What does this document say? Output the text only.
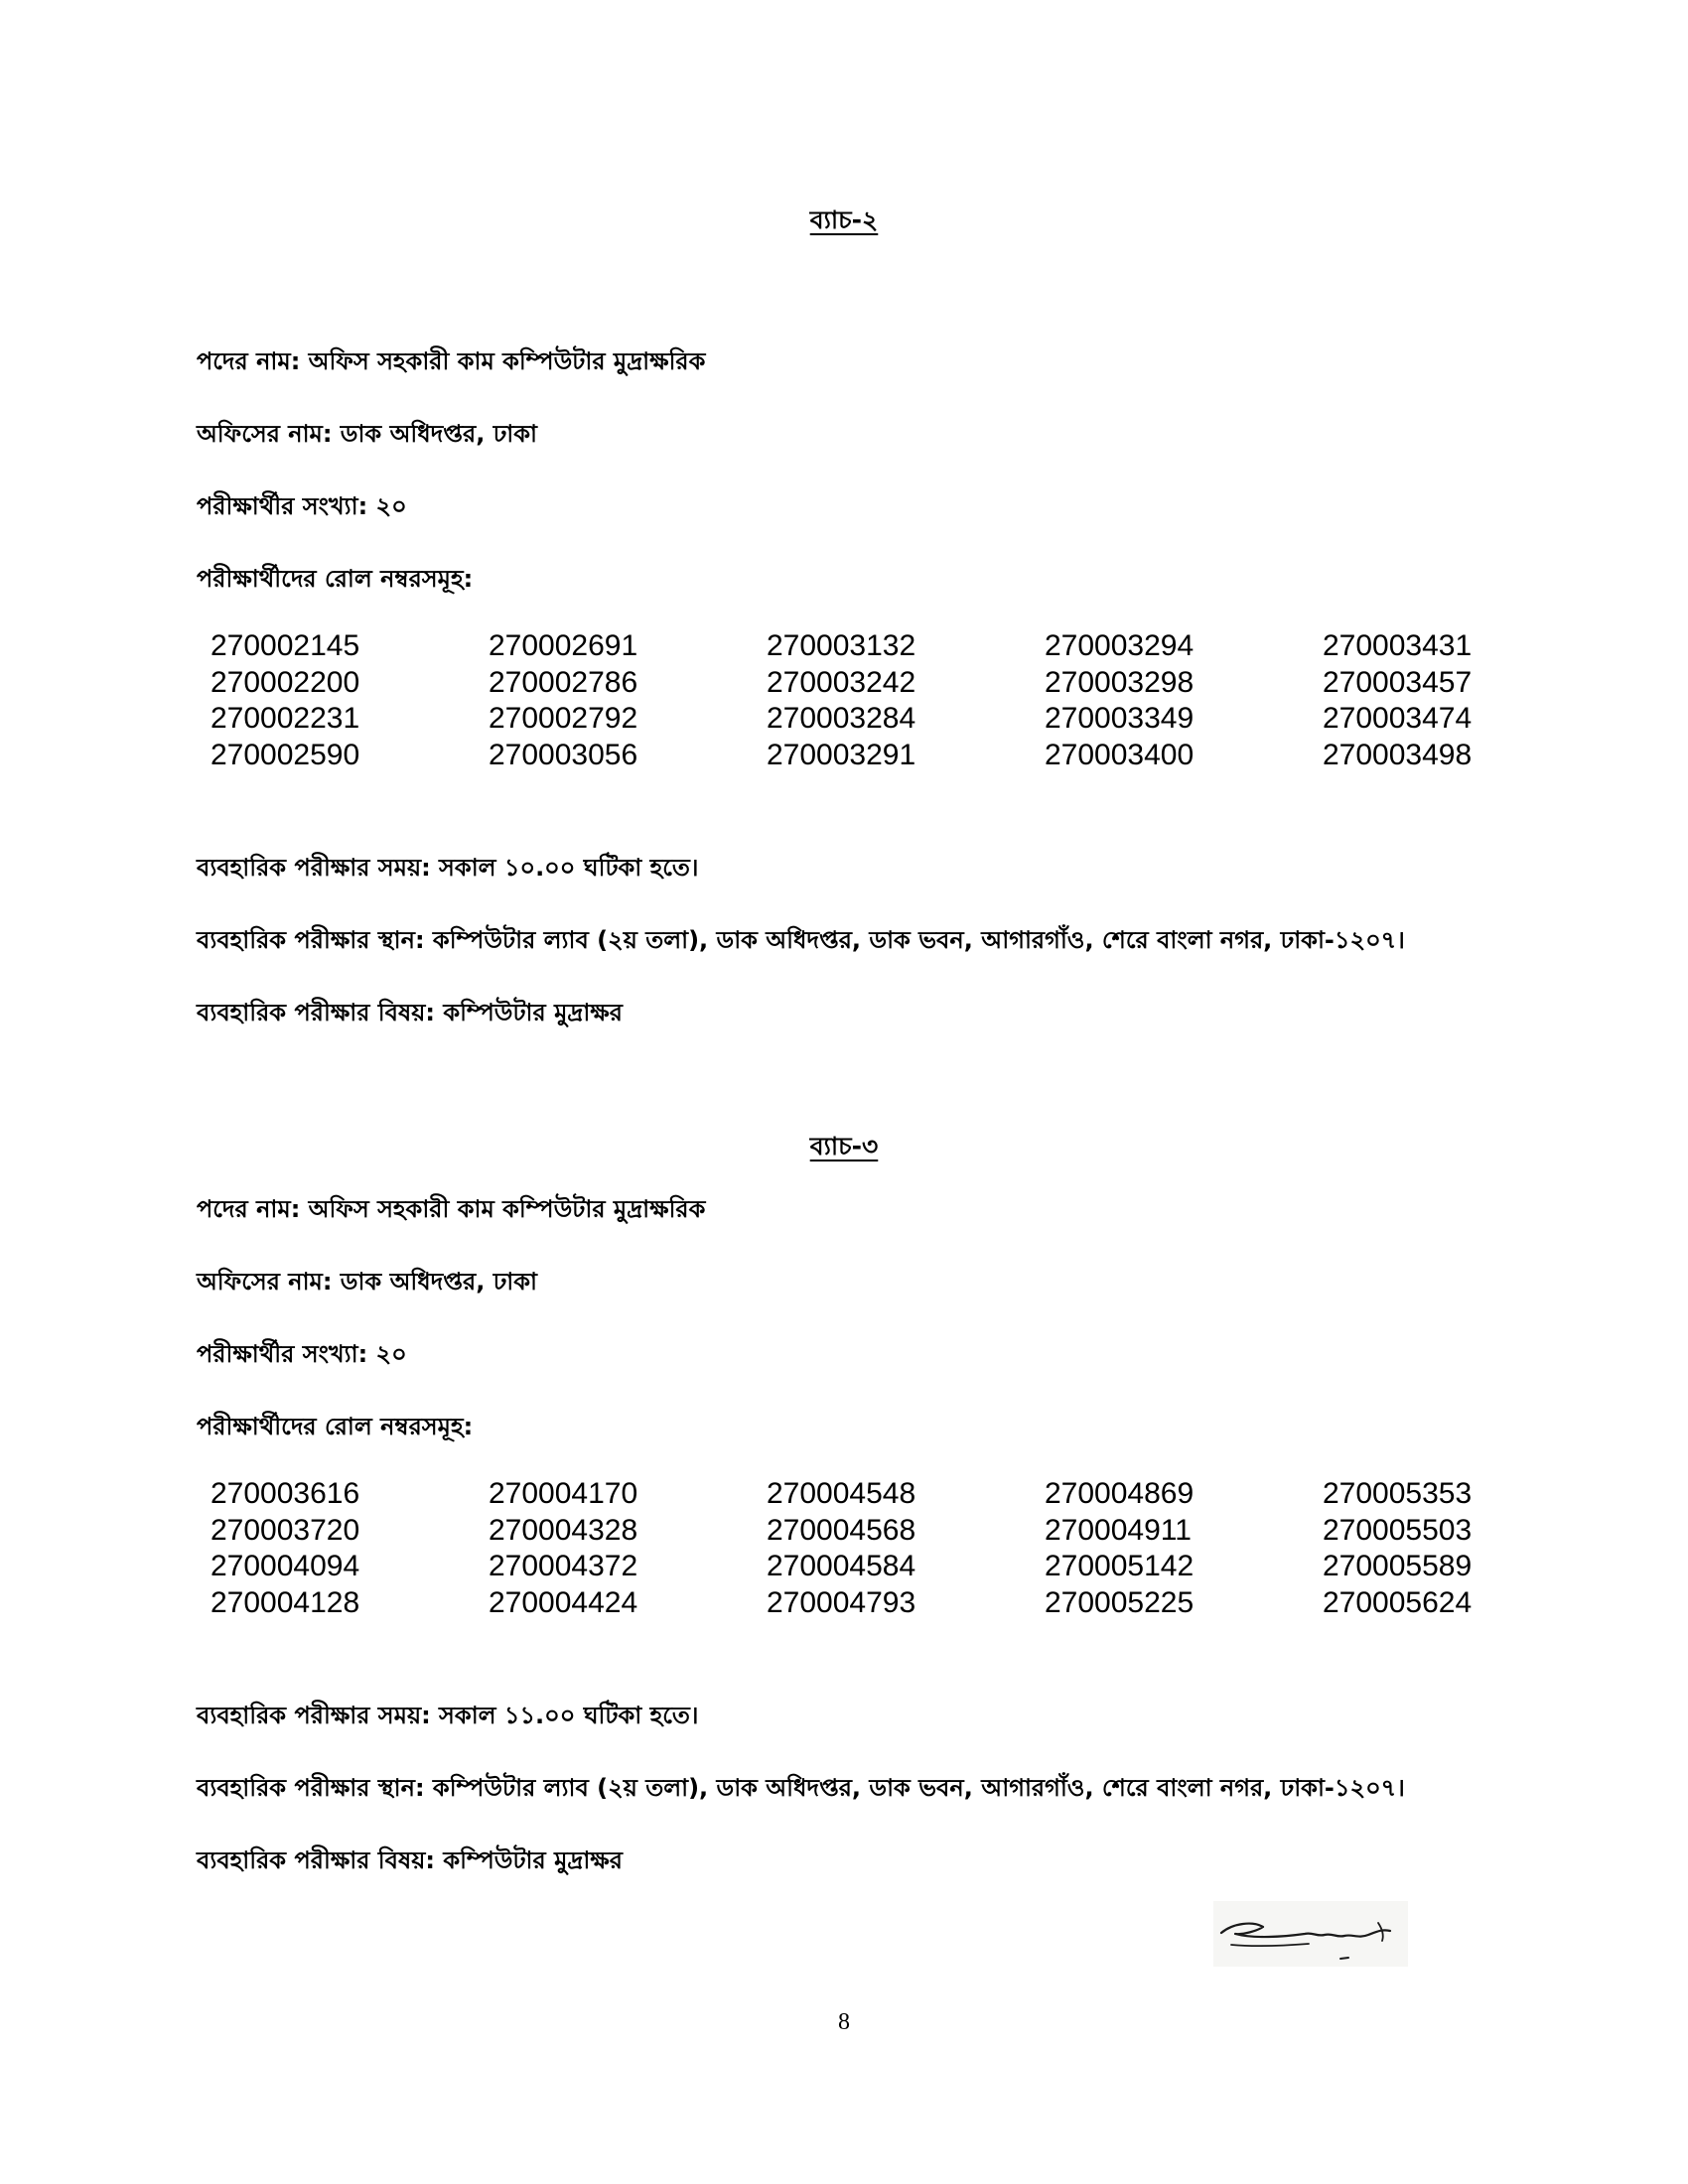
ব্যাচ-২
পদের নাম: অফিস সহকারী কাম কম্পিউটার মুদ্রাক্ষরিক
অফিসের নাম: ডাক অধিদপ্তর, ঢাকা
পরীক্ষার্থীর সংখ্যা: ২০
পরীক্ষার্থীদের রোল নম্বরসমূহ:
270002145	270002691	270003132	270003294	270003431
270002200	270002786	270003242	270003298	270003457
270002231	270002792	270003284	270003349	270003474
270002590	270003056	270003291	270003400	270003498
ব্যবহারিক পরীক্ষার সময়: সকাল ১০.০০ ঘটিকা হতে।
ব্যবহারিক পরীক্ষার স্থান: কম্পিউটার ল্যাব (২য় তলা), ডাক অধিদপ্তর, ডাক ভবন, আগারগাঁও, শেরে বাংলা নগর, ঢাকা-১২০৭।
ব্যবহারিক পরীক্ষার বিষয়: কম্পিউটার মুদ্রাক্ষর
ব্যাচ-৩
পদের নাম: অফিস সহকারী কাম কম্পিউটার মুদ্রাক্ষরিক
অফিসের নাম: ডাক অধিদপ্তর, ঢাকা
পরীক্ষার্থীর সংখ্যা: ২০
পরীক্ষার্থীদের রোল নম্বরসমূহ:
270003616	270004170	270004548	270004869	270005353
270003720	270004328	270004568	270004911	270005503
270004094	270004372	270004584	270005142	270005589
270004128	270004424	270004793	270005225	270005624
ব্যবহারিক পরীক্ষার সময়: সকাল ১১.০০ ঘটিকা হতে।
ব্যবহারিক পরীক্ষার স্থান: কম্পিউটার ল্যাব (২য় তলা), ডাক অধিদপ্তর, ডাক ভবন, আগারগাঁও, শেরে বাংলা নগর, ঢাকা-১২০৭।
ব্যবহারিক পরীক্ষার বিষয়: কম্পিউটার মুদ্রাক্ষর
8
